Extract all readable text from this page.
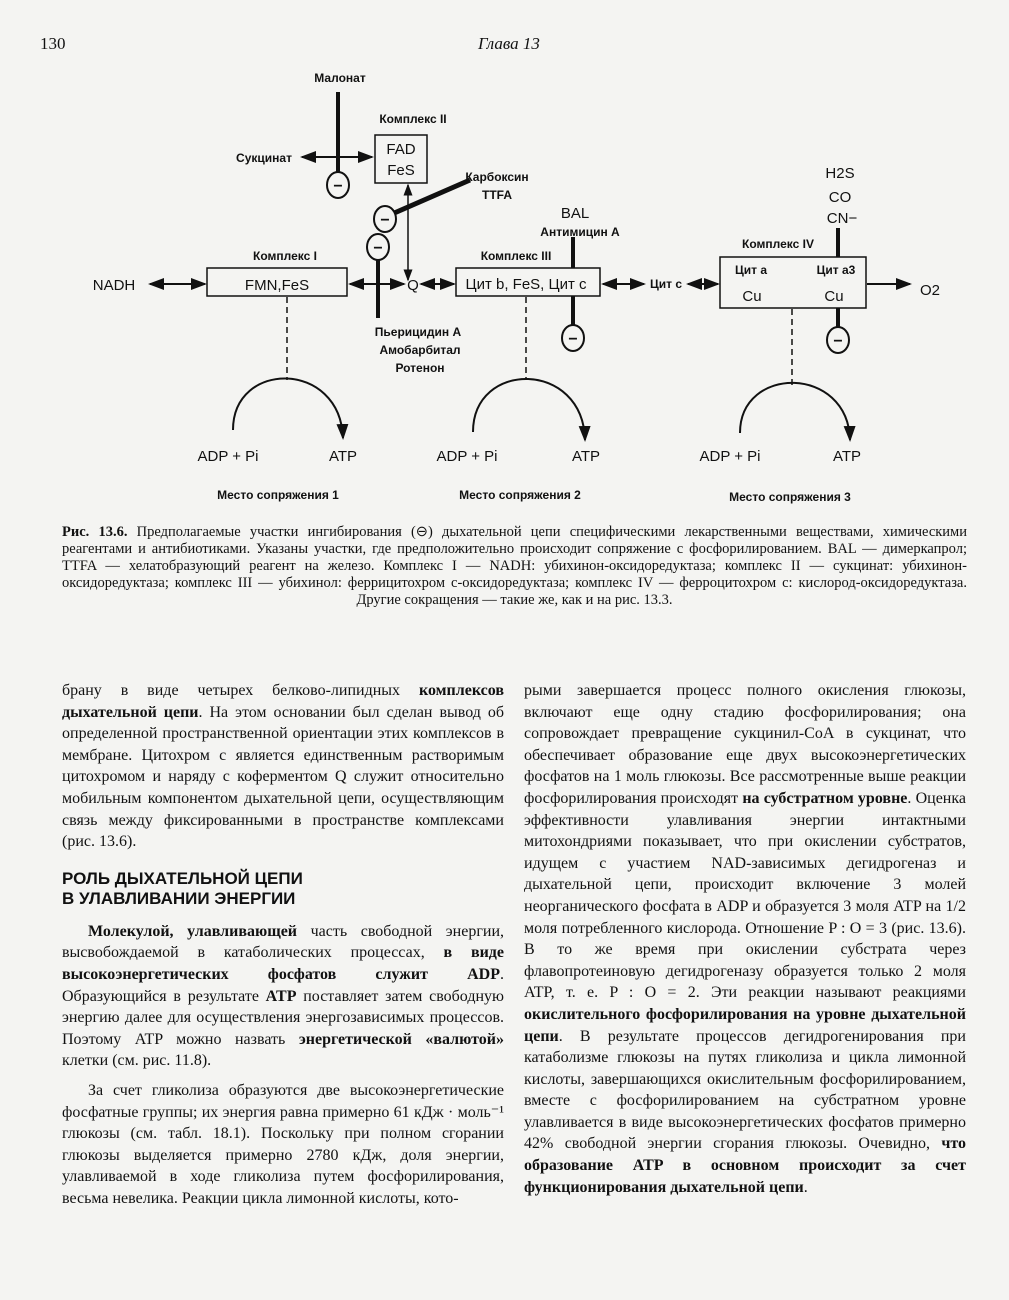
130	Глава 13
−
−
−
−	−
Малонат
Комплекс II
FAD
FeS
Сукцинат
Карбоксин
TTFA
Комплекс I
FMN,FeS
NADH	Q
Пьерицидин А
Амобарбитал
Ротенон
BAL
Антимицин А
Комплекс III
Цит b, FeS, Цит c	Цит c
Комплекс IV
Цит a	Цит a3
Cu	Cu
H2S
CO
CN−
O2
ADP + Pi	ATP	ADP + Pi	ATP	ADP + Pi	ATP
Место сопряжения 1	Место сопряжения 2	Место сопряжения 3
Рис. 13.6. Предполагаемые участки ингибирования (⊖) дыхательной цепи специфическими лекарственными веществами, химическими реагентами и антибиотиками. Указаны участки, где предположительно происходит сопряжение с фосфорилированием. BAL — димеркапрол; TTFA — хелатобразующий реагент на железо. Комплекс I — NADH: убихинон-оксидоредуктаза; комплекс II — сукцинат: убихинон-оксидоредуктаза; комплекс III — убихинол: феррицитохром c-оксидоредуктаза; комплекс IV — ферроцитохром c: кислород-оксидоредуктаза. Другие сокращения — такие же, как и на рис. 13.3.

брану в виде четырех белково-липидных комплексов дыхательной цепи. На этом основании был сделан вывод об определенной пространственной ориентации этих комплексов в мембране. Цитохром c является единственным растворимым цитохромом и наряду с коферментом Q служит относительно мобильным компонентом дыхательной цепи, осуществляющим связь между фиксированными в пространстве комплексами (рис. 13.6).

РОЛЬ ДЫХАТЕЛЬНОЙ ЦЕПИ
В УЛАВЛИВАНИИ ЭНЕРГИИ

Молекулой, улавливающей часть свободной энергии, высвобождаемой в катаболических процессах, в виде высокоэнергетических фосфатов служит ADP. Образующийся в результате ATP поставляет затем свободную энергию далее для осуществления энергозависимых процессов. Поэтому ATP можно назвать энергетической «валютой» клетки (см. рис. 11.8).

За счет гликолиза образуются две высокоэнергетические фосфатные группы; их энергия равна примерно 61 кДж · моль⁻¹ глюкозы (см. табл. 18.1). Поскольку при полном сгорании глюкозы выделяется примерно 2780 кДж, доля энергии, улавливаемой в ходе гликолиза путем фосфорилирования, весьма невелика. Реакции цикла лимонной кислоты, кото-

рыми завершается процесс полного окисления глюкозы, включают еще одну стадию фосфорилирования; она сопровождает превращение сукцинил-CoA в сукцинат, что обеспечивает образование еще двух высокоэнергетических фосфатов на 1 моль глюкозы. Все рассмотренные выше реакции фосфорилирования происходят на субстратном уровне. Оценка эффективности улавливания энергии интактными митохондриями показывает, что при окислении субстратов, идущем с участием NAD-зависимых дегидрогеназ и дыхательной цепи, происходит включение 3 молей неорганического фосфата в ADP и образуется 3 моля ATP на 1/2 моля потребленного кислорода. Отношение P : O = 3 (рис. 13.6). В то же время при окислении субстрата через флавопротеиновую дегидрогеназу образуется только 2 моля ATP, т. е. P : O = 2. Эти реакции называют реакциями окислительного фосфорилирования на уровне дыхательной цепи. В результате процессов дегидрогенирования при катаболизме глюкозы на путях гликолиза и цикла лимонной кислоты, завершающихся окислительным фосфорилированием, вместе с фосфорилированием на субстратном уровне улавливается в виде высокоэнергетических фосфатов примерно 42% свободной энергии сгорания глюкозы. Очевидно, что образование ATP в основном происходит за счет функционирования дыхательной цепи.
